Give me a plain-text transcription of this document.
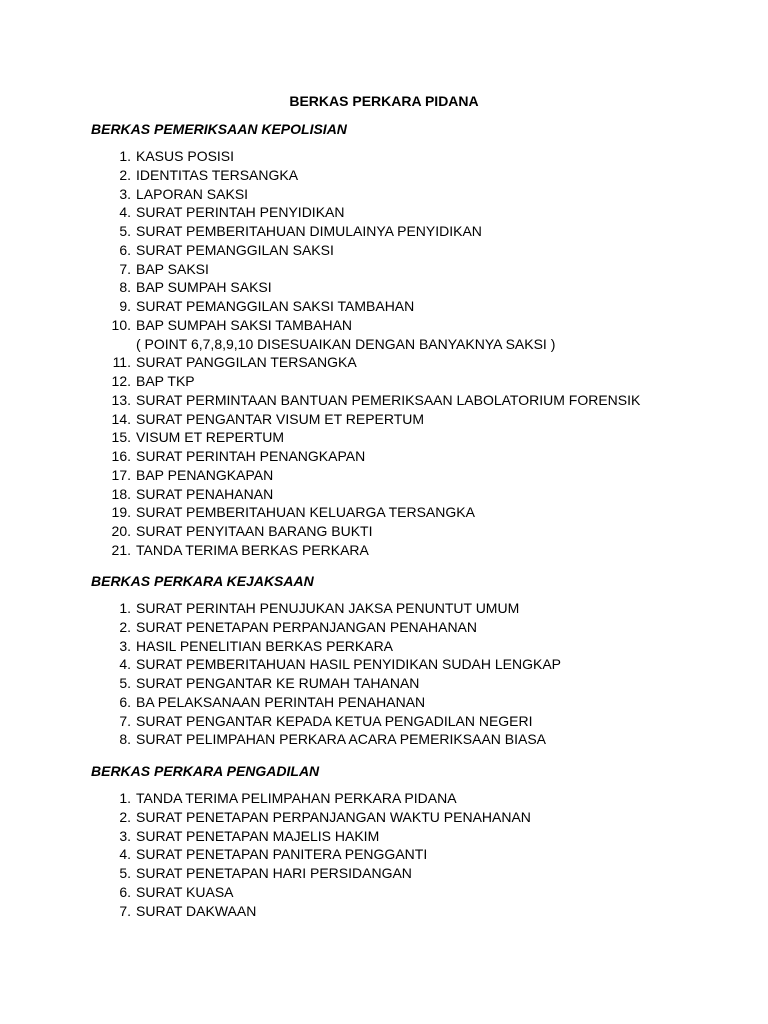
BERKAS PERKARA PIDANA
BERKAS PEMERIKSAAN KEPOLISIAN
1. KASUS POSISI
2. IDENTITAS TERSANGKA
3. LAPORAN SAKSI
4. SURAT PERINTAH PENYIDIKAN
5. SURAT PEMBERITAHUAN DIMULAINYA PENYIDIKAN
6. SURAT PEMANGGILAN SAKSI
7. BAP SAKSI
8. BAP SUMPAH SAKSI
9. SURAT PEMANGGILAN SAKSI TAMBAHAN
10. BAP SUMPAH SAKSI TAMBAHAN
( POINT 6,7,8,9,10 DISESUAIKAN DENGAN BANYAKNYA SAKSI )
11. SURAT PANGGILAN TERSANGKA
12. BAP TKP
13. SURAT PERMINTAAN BANTUAN PEMERIKSAAN LABOLATORIUM FORENSIK
14. SURAT PENGANTAR VISUM ET REPERTUM
15. VISUM ET REPERTUM
16. SURAT PERINTAH PENANGKAPAN
17. BAP PENANGKAPAN
18. SURAT PENAHANAN
19. SURAT PEMBERITAHUAN KELUARGA TERSANGKA
20. SURAT PENYITAAN BARANG BUKTI
21. TANDA TERIMA BERKAS PERKARA
BERKAS PERKARA KEJAKSAAN
1. SURAT PERINTAH PENUJUKAN JAKSA PENUNTUT UMUM
2. SURAT PENETAPAN PERPANJANGAN PENAHANAN
3. HASIL PENELITIAN BERKAS PERKARA
4. SURAT PEMBERITAHUAN HASIL PENYIDIKAN SUDAH LENGKAP
5. SURAT PENGANTAR KE RUMAH TAHANAN
6. BA PELAKSANAAN PERINTAH PENAHANAN
7. SURAT PENGANTAR KEPADA KETUA PENGADILAN NEGERI
8. SURAT PELIMPAHAN PERKARA ACARA PEMERIKSAAN BIASA
BERKAS PERKARA PENGADILAN
1. TANDA TERIMA PELIMPAHAN PERKARA PIDANA
2. SURAT PENETAPAN PERPANJANGAN WAKTU PENAHANAN
3. SURAT PENETAPAN MAJELIS HAKIM
4. SURAT PENETAPAN PANITERA PENGGANTI
5. SURAT PENETAPAN HARI PERSIDANGAN
6. SURAT KUASA
7. SURAT DAKWAAN
